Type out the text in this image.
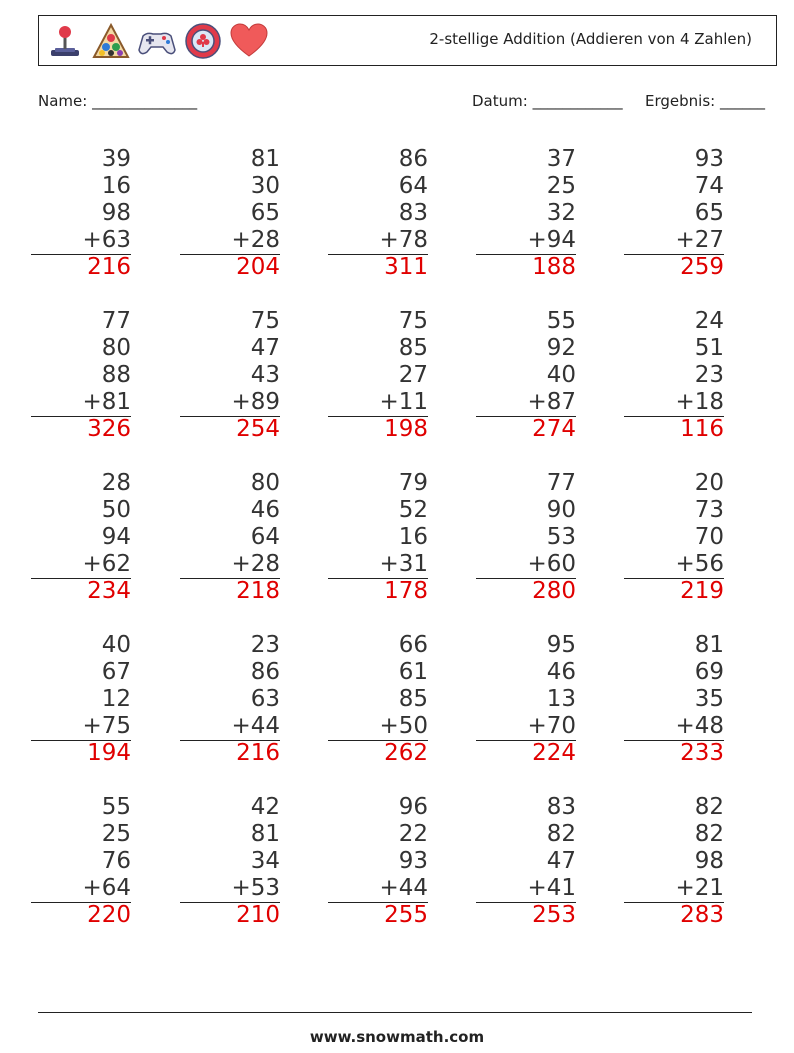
2-stellige Addition (Addieren von 4 Zahlen)
Name: ______________	Datum: ____________ Ergebnis: ______
39
16
98
+63
216
81
30
65
+28
204
86
64
83
+78
311
37
25
32
+94
188
93
74
65
+27
259
77
80
88
+81
326
75
47
43
+89
254
75
85
27
+11
198
55
92
40
+87
274
24
51
23
+18
116
28
50
94
+62
234
80
46
64
+28
218
79
52
16
+31
178
77
90
53
+60
280
20
73
70
+56
219
40
67
12
+75
194
23
86
63
+44
216
66
61
85
+50
262
95
46
13
+70
224
81
69
35
+48
233
55
25
76
+64
220
42
81
34
+53
210
96
22
93
+44
255
83
82
47
+41
253
82
82
98
+21
283
www.snowmath.com
